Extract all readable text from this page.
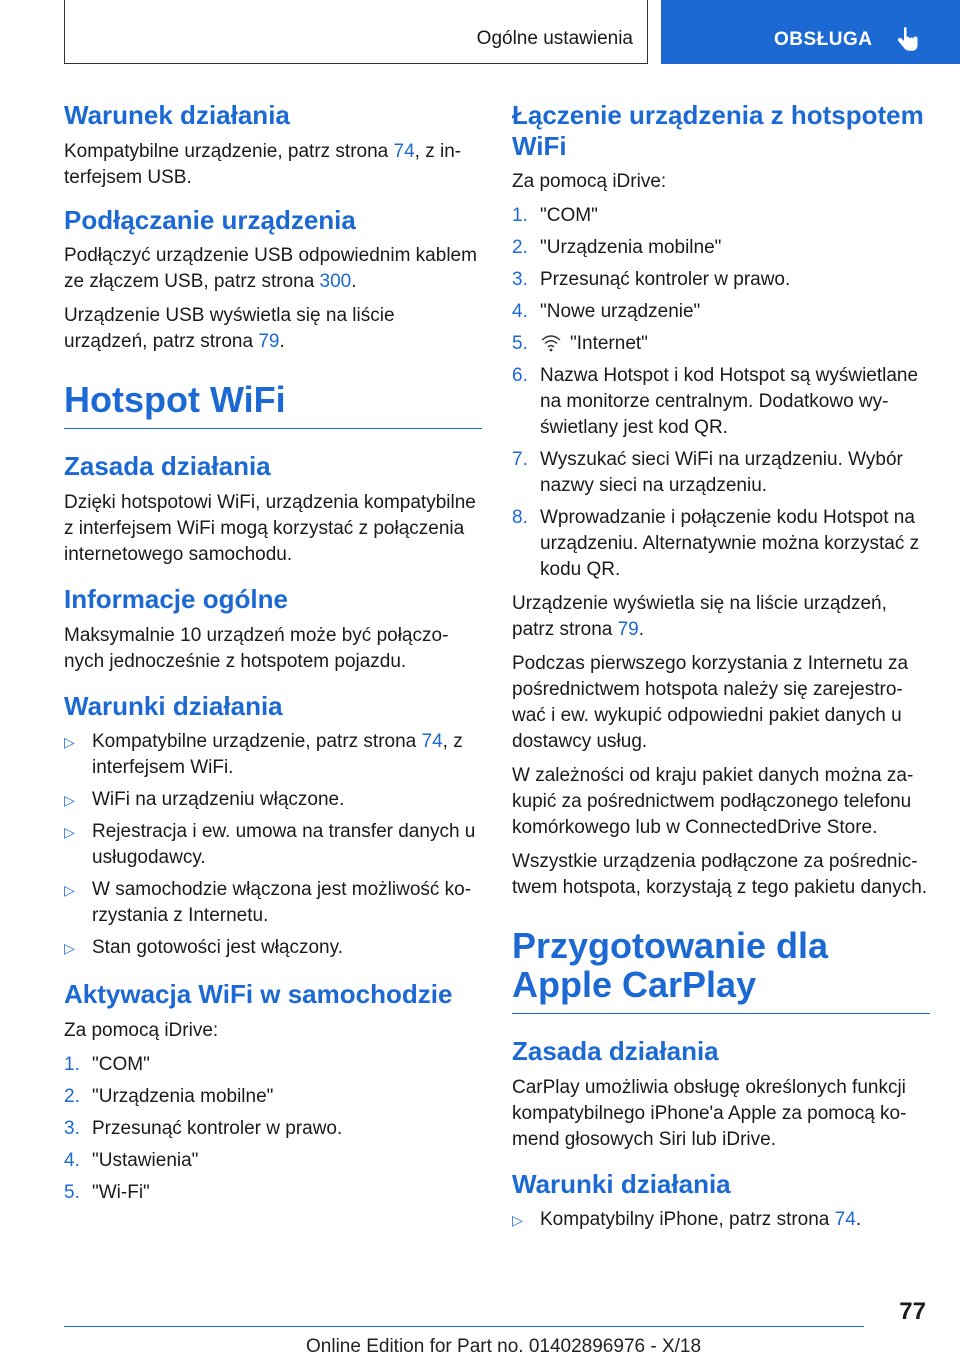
Ogólne ustawienia	OBSŁUGA
Warunek działania

Kompatybilne urządzenie, patrz strona 74, z in-terfejsem USB.

Podłączanie urządzenia

Podłączyć urządzenie USB odpowiednim kablem ze złączem USB, patrz strona 300.

Urządzenie USB wyświetla się na liście urządzeń, patrz strona 79.

Hotspot WiFi
Zasada działania

Dzięki hotspotowi WiFi, urządzenia kompatybilne z interfejsem WiFi mogą korzystać z połączenia internetowego samochodu.

Informacje ogólne

Maksymalnie 10 urządzeń może być połączo-nych jednocześnie z hotspotem pojazdu.

Warunki działania
▷ Kompatybilne urządzenie, patrz strona 74, z interfejsem WiFi.
▷ WiFi na urządzeniu włączone.
▷ Rejestracja i ew. umowa na transfer danych u usługodawcy.
▷ W samochodzie włączona jest możliwość ko-rzystania z Internetu.
▷ Stan gotowości jest włączony.
Aktywacja WiFi w samochodzie

Za pomocą iDrive:

1. "COM"
2. "Urządzenia mobilne"
3. Przesunąć kontroler w prawo.
4. "Ustawienia"
5. "Wi-Fi"
Łączenie urządzenia z hotspotem WiFi

Za pomocą iDrive:

1. "COM"
2. "Urządzenia mobilne"
3. Przesunąć kontroler w prawo.
4. "Nowe urządzenie"
5. "Internet"
6. Nazwa Hotspot i kod Hotspot są wyświetlane na monitorze centralnym. Dodatkowo wy-świetlany jest kod QR.
7. Wyszukać sieci WiFi na urządzeniu. Wybór nazwy sieci na urządzeniu.
8. Wprowadzanie i połączenie kodu Hotspot na urządzeniu. Alternatywnie można korzystać z kodu QR.

Urządzenie wyświetla się na liście urządzeń, patrz strona 79.

Podczas pierwszego korzystania z Internetu za pośrednictwem hotspota należy się zarejestro-wać i ew. wykupić odpowiedni pakiet danych u dostawcy usług.

W zależności od kraju pakiet danych można za-kupić za pośrednictwem podłączonego telefonu komórkowego lub w ConnectedDrive Store.

Wszystkie urządzenia podłączone za pośrednic-twem hotspota, korzystają z tego pakietu danych.

Przygotowanie dla Apple CarPlay
Zasada działania

CarPlay umożliwia obsługę określonych funkcji kompatybilnego iPhone'a Apple za pomocą ko-mend głosowych Siri lub iDrive.

Warunki działania
▷ Kompatybilny iPhone, patrz strona 74.
77
Online Edition for Part no. 01402896976 - X/18
